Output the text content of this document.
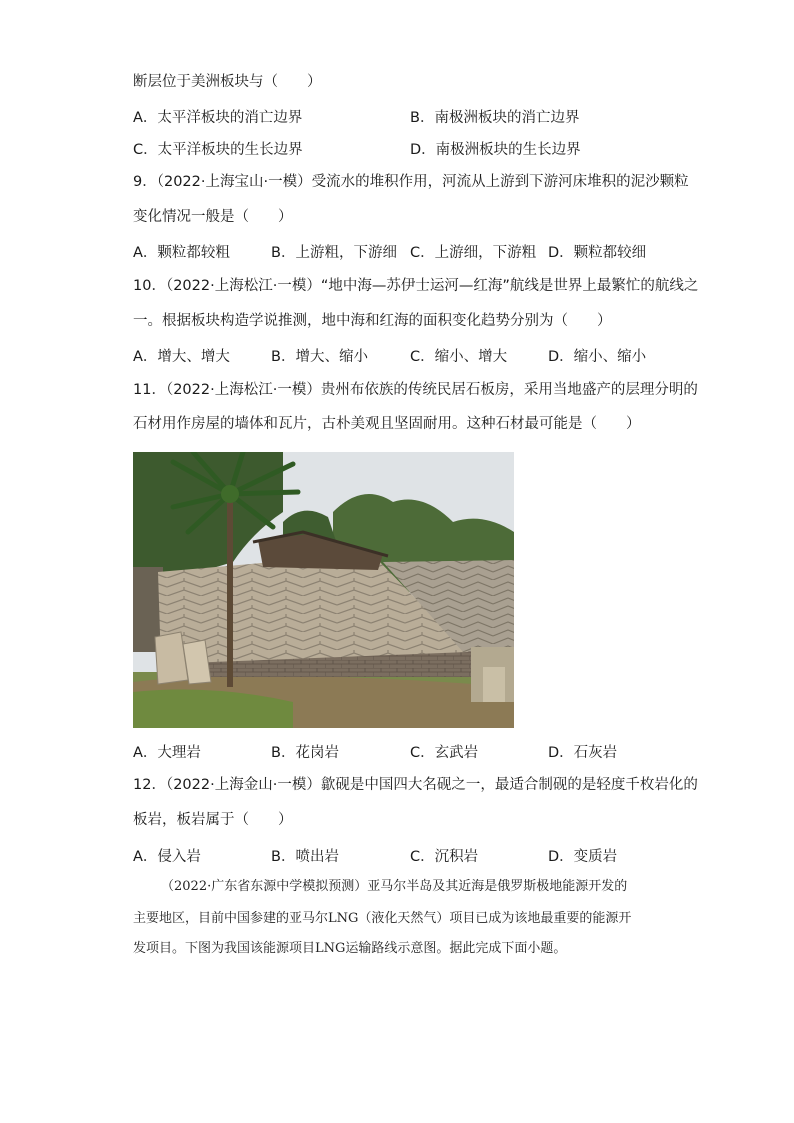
断层位于美洲板块与（　　）
A．太平洋板块的消亡边界	B．南极洲板块的消亡边界
C．太平洋板块的生长边界	D．南极洲板块的生长边界
9．（2022·上海宝山·一模）受流水的堆积作用，河流从上游到下游河床堆积的泥沙颗粒
变化情况一般是（　　）
A．颗粒都较粗	B．上游粗，下游细 C．上游细，下游粗 D．颗粒都较细
10．（2022·上海松江·一模）“地中海—苏伊士运河—红海”航线是世界上最繁忙的航线之
一。根据板块构造学说推测，地中海和红海的面积变化趋势分别为（　　）
A．增大、增大	B．增大、缩小	C．缩小、增大	D．缩小、缩小
11．（2022·上海松江·一模）贵州布依族的传统民居石板房，采用当地盛产的层理分明的
石材用作房屋的墙体和瓦片，古朴美观且坚固耐用。这种石材最可能是（　　）
A．大理岩	B．花岗岩	C．玄武岩	D．石灰岩
12．（2022·上海金山·一模）歙砚是中国四大名砚之一，最适合制砚的是轻度千枚岩化的
板岩，板岩属于（　　）
A．侵入岩	B．喷出岩	C．沉积岩	D．变质岩
（2022·广东省东源中学模拟预测）亚马尔半岛及其近海是俄罗斯极地能源开发的
主要地区，目前中国参建的亚马尔LNG（液化天然气）项目已成为该地最重要的能源开
发项目。下图为我国该能源项目LNG运输路线示意图。据此完成下面小题。
